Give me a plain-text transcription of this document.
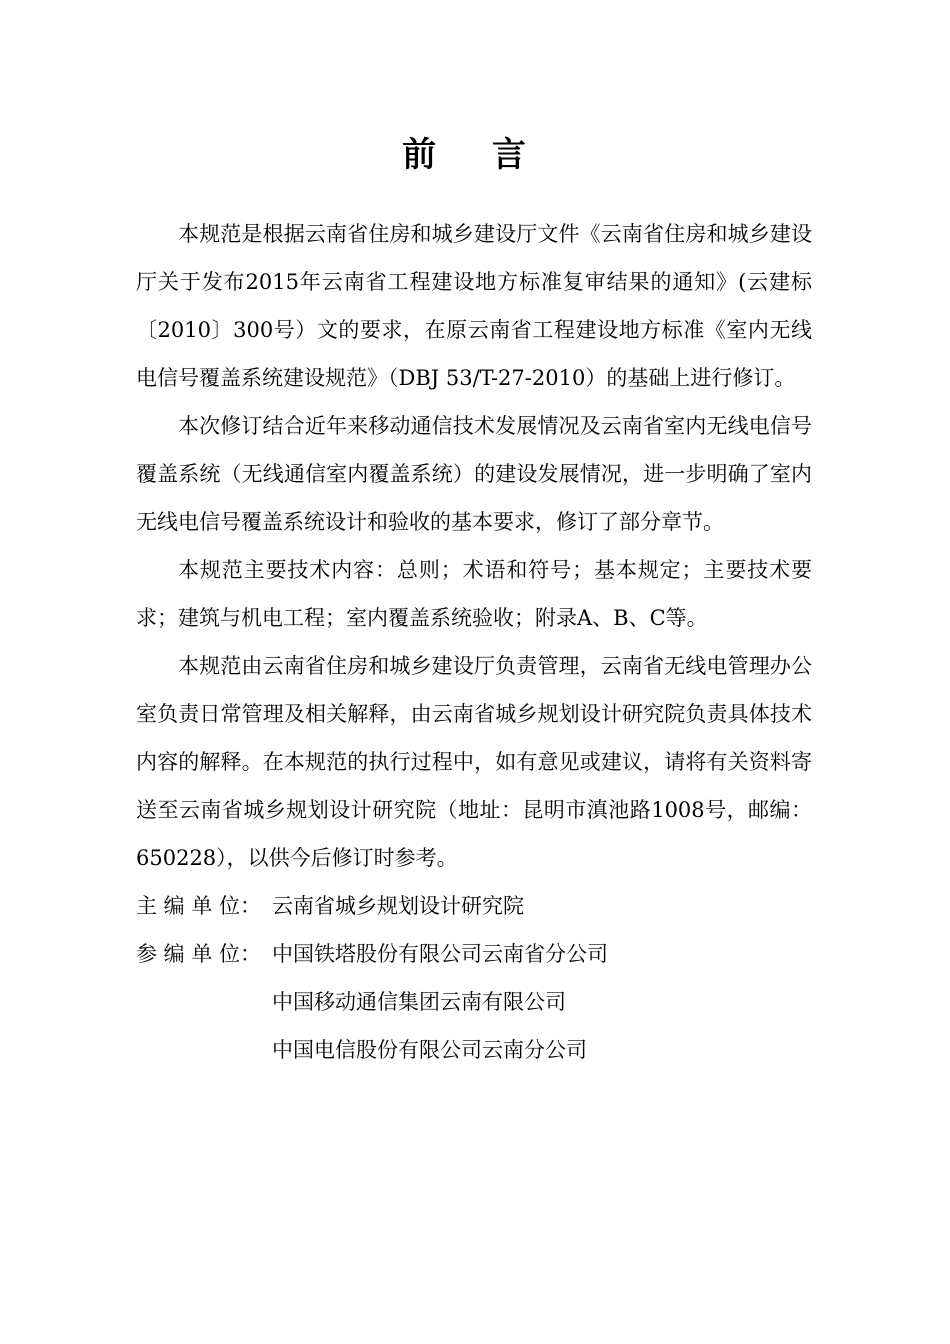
前 言

本规范是根据云南省住房和城乡建设厅文件《云南省住房和城乡建设厅关于发布2015年云南省工程建设地方标准复审结果的通知》(云建标〔2010〕300号）文的要求，在原云南省工程建设地方标准《室内无线电信号覆盖系统建设规范》（DBJ 53/T-27-2010）的基础上进行修订。

本次修订结合近年来移动通信技术发展情况及云南省室内无线电信号覆盖系统（无线通信室内覆盖系统）的建设发展情况，进一步明确了室内无线电信号覆盖系统设计和验收的基本要求，修订了部分章节。

本规范主要技术内容：总则；术语和符号；基本规定；主要技术要求；建筑与机电工程；室内覆盖系统验收；附录A、B、C等。

本规范由云南省住房和城乡建设厅负责管理，云南省无线电管理办公室负责日常管理及相关解释，由云南省城乡规划设计研究院负责具体技术内容的解释。在本规范的执行过程中，如有意见或建议，请将有关资料寄送至云南省城乡规划设计研究院（地址：昆明市滇池路1008号，邮编：650228），以供今后修订时参考。

主 编 单 位： 云南省城乡规划设计研究院
参 编 单 位： 中国铁塔股份有限公司云南省分公司
中国移动通信集团云南有限公司
中国电信股份有限公司云南分公司
